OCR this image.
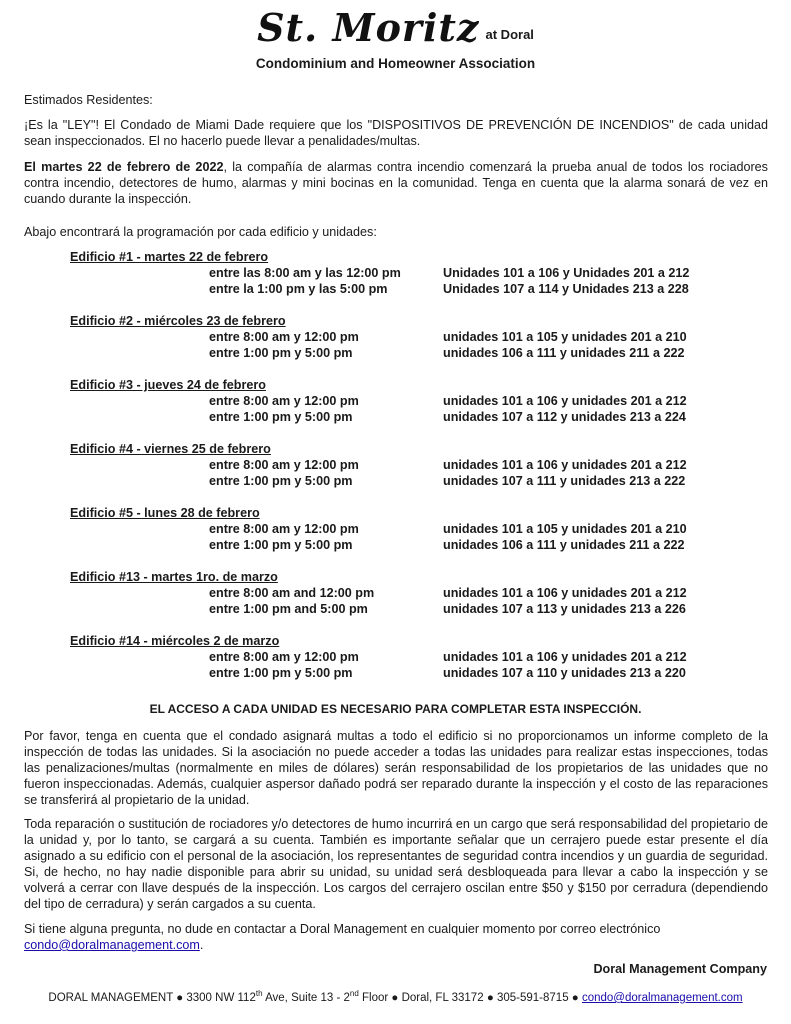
St. Moritz at Doral
Condominium and Homeowner Association

Estimados Residentes:

¡Es la "LEY"! El Condado de Miami Dade requiere que los "DISPOSITIVOS DE PREVENCIÓN DE INCENDIOS" de cada unidad sean inspeccionados. El no hacerlo puede llevar a penalidades/multas.

El martes 22 de febrero de 2022, la compañía de alarmas contra incendio comenzará la prueba anual de todos los rociadores contra incendio, detectores de humo, alarmas y mini bocinas en la comunidad. Tenga en cuenta que la alarma sonará de vez en cuando durante la inspección.

Abajo encontrará la programación por cada edificio y unidades:

Edificio #1 - martes 22 de febrero
entre las 8:00 am y las 12:00 pm	Unidades 101 a 106 y Unidades 201 a 212
entre la 1:00 pm y las 5:00 pm	Unidades 107 a 114 y Unidades 213 a 228
Edificio #2 - miércoles 23 de febrero
entre 8:00 am y 12:00 pm	unidades 101 a 105 y unidades 201 a 210
entre 1:00 pm y 5:00 pm	unidades 106 a 111 y unidades 211 a 222
Edificio #3 - jueves 24 de febrero
entre 8:00 am y 12:00 pm	unidades 101 a 106 y unidades 201 a 212
entre 1:00 pm y 5:00 pm	unidades 107 a 112 y unidades 213 a 224
Edificio #4 - viernes 25 de febrero
entre 8:00 am y 12:00 pm	unidades 101 a 106 y unidades 201 a 212
entre 1:00 pm y 5:00 pm	unidades 107 a 111 y unidades 213 a 222
Edificio #5 - lunes 28 de febrero
entre 8:00 am y 12:00 pm	unidades 101 a 105 y unidades 201 a 210
entre 1:00 pm y 5:00 pm	unidades 106 a 111 y unidades 211 a 222
Edificio #13 - martes 1ro. de marzo
entre 8:00 am and 12:00 pm	unidades 101 a 106 y unidades 201 a 212
entre 1:00 pm and 5:00 pm	unidades 107 a 113 y unidades 213 a 226
Edificio #14 - miércoles 2 de marzo
entre 8:00 am y 12:00 pm	unidades 101 a 106 y unidades 201 a 212
entre 1:00 pm y 5:00 pm	unidades 107 a 110 y unidades 213 a 220
EL ACCESO A CADA UNIDAD ES NECESARIO PARA COMPLETAR ESTA INSPECCIÓN.

Por favor, tenga en cuenta que el condado asignará multas a todo el edificio si no proporcionamos un informe completo de la inspección de todas las unidades. Si la asociación no puede acceder a todas las unidades para realizar estas inspecciones, todas las penalizaciones/multas (normalmente en miles de dólares) serán responsabilidad de los propietarios de las unidades que no fueron inspeccionadas. Además, cualquier aspersor dañado podrá ser reparado durante la inspección y el costo de las reparaciones se transferirá al propietario de la unidad.

Toda reparación o sustitución de rociadores y/o detectores de humo incurrirá en un cargo que será responsabilidad del propietario de la unidad y, por lo tanto, se cargará a su cuenta. También es importante señalar que un cerrajero puede estar presente el día asignado a su edificio con el personal de la asociación, los representantes de seguridad contra incendios y un guardia de seguridad. Si, de hecho, no hay nadie disponible para abrir su unidad, su unidad será desbloqueada para llevar a cabo la inspección y se volverá a cerrar con llave después de la inspección. Los cargos del cerrajero oscilan entre $50 y $150 por cerradura (dependiendo del tipo de cerradura) y serán cargados a su cuenta.

Si tiene alguna pregunta, no dude en contactar a Doral Management en cualquier momento por correo electrónico condo@doralmanagement.com.

Doral Management Company
DORAL MANAGEMENT ● 3300 NW 112th Ave, Suite 13 - 2nd Floor ● Doral, FL 33172 ● 305-591-8715 ● condo@doralmanagement.com
